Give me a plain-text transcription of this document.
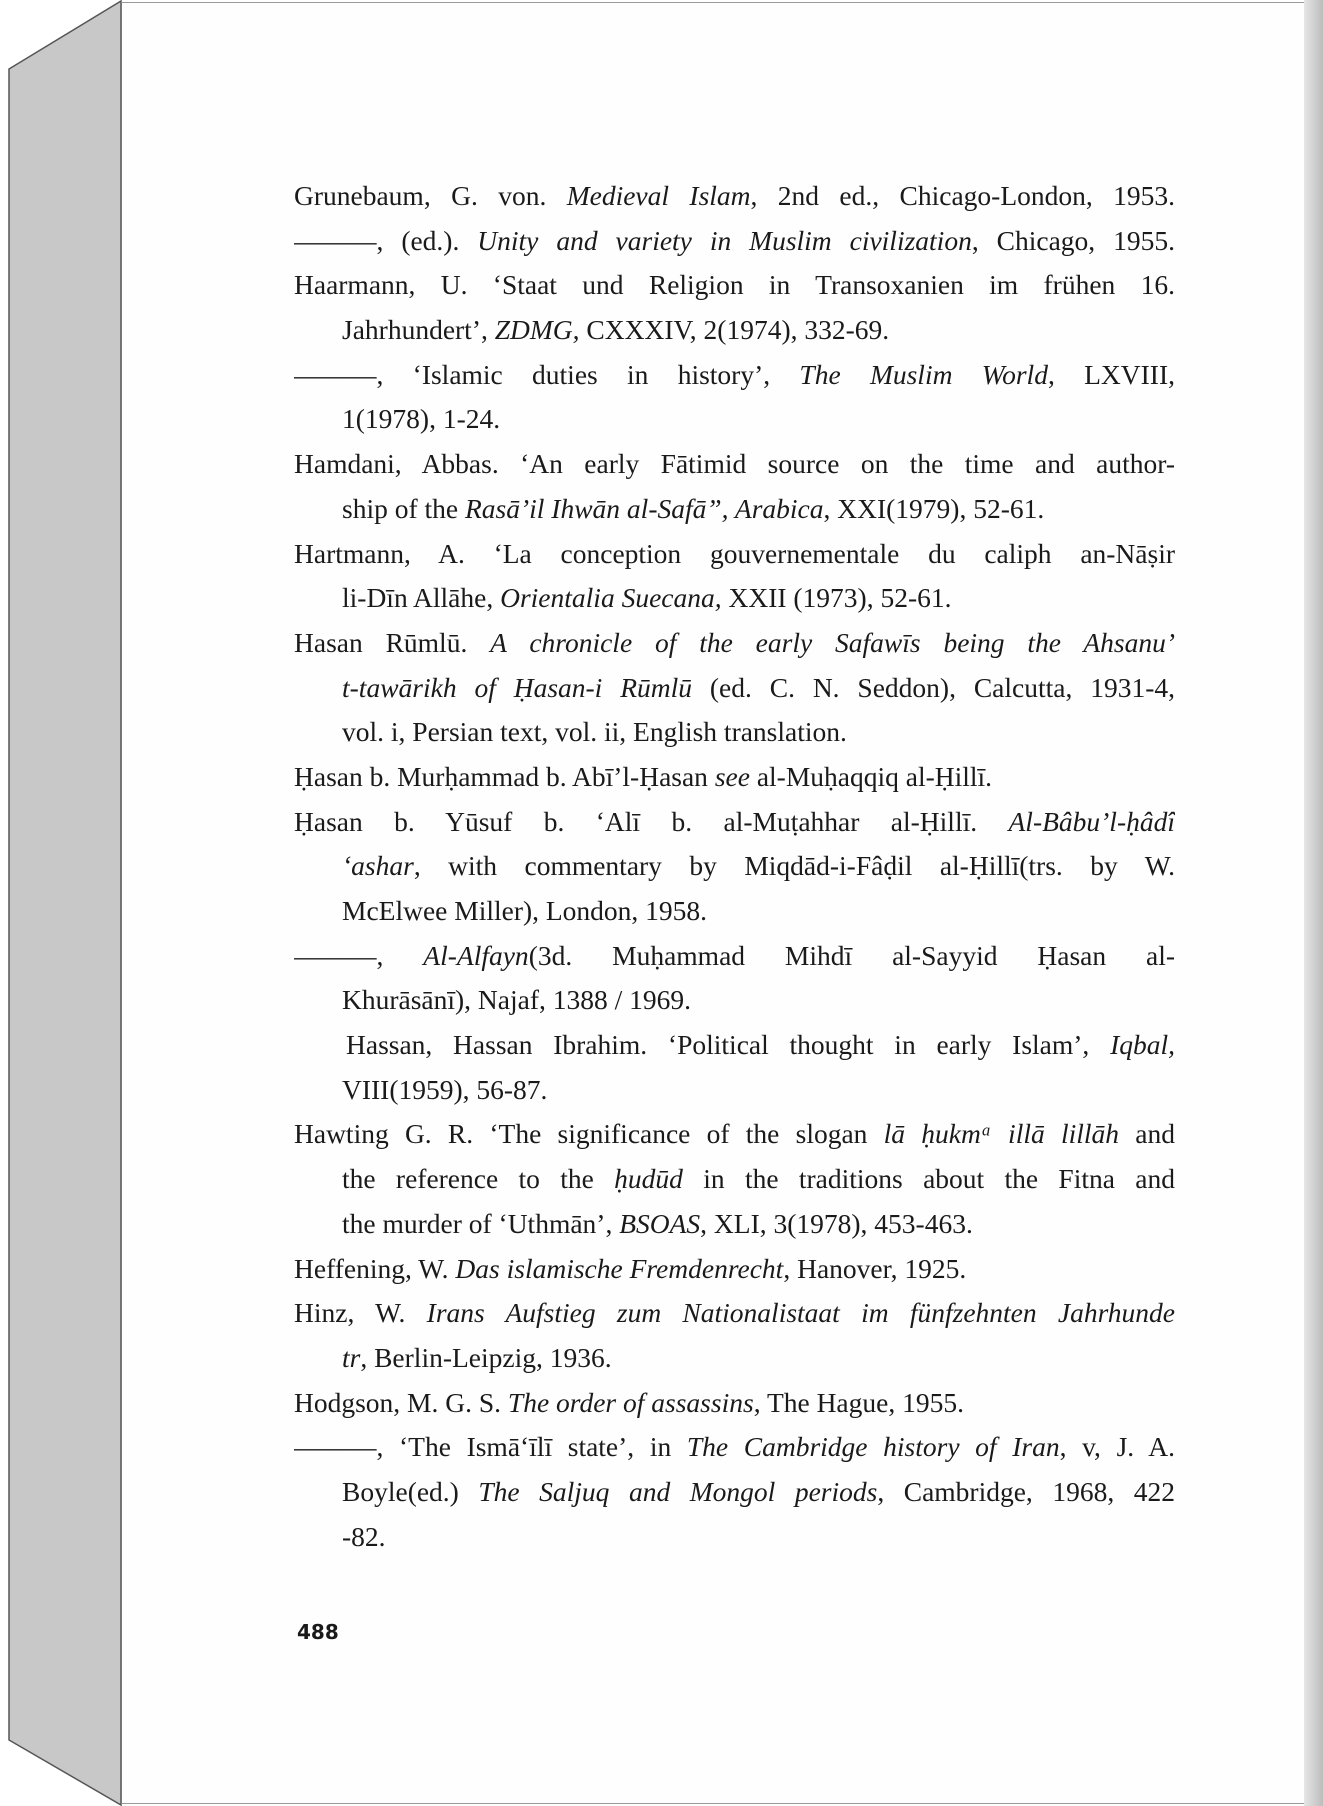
Grunebaum, G. von. Medieval Islam, 2nd ed., Chicago-London, 1953.
———, (ed.). Unity and variety in Muslim civilization, Chicago, 1955.
Haarmann, U. ‘Staat und Religion in Transoxanien im frühen 16.
Jahrhundert’, ZDMG, CXXXIV, 2(1974), 332-69.
———, ‘Islamic duties in history’, The Muslim World, LXVIII,
1(1978), 1-24.
Hamdani, Abbas. ‘An early Fātimid source on the time and author-
ship of the Rasā’il Ihwān al-Safā”, Arabica, XXI(1979), 52-61.
Hartmann, A. ‘La conception gouvernementale du caliph an-Nāṣir
li-Dīn Allāhe, Orientalia Suecana, XXII (1973), 52-61.
Hasan Rūmlū. A chronicle of the early Safawīs being the Ahsanu’
t-tawārikh of Ḥasan-i Rūmlū (ed. C. N. Seddon), Calcutta, 1931-4,
vol. i, Persian text, vol. ii, English translation.
Ḥasan b. Murḥammad b. Abī’l-Ḥasan see al-Muḥaqqiq al-Ḥillī.
Ḥasan b. Yūsuf b. ‘Alī b. al-Muṭahhar al-Ḥillī. Al-Bâbu’l-ḥâdî
‘ashar, with commentary by Miqdād-i-Fâḍil al-Ḥillī(trs. by W.
McElwee Miller), London, 1958.
———, Al-Alfayn(3d. Muḥammad Mihdī al-Sayyid Ḥasan al-
Khurāsānī), Najaf, 1388 / 1969.
Hassan, Hassan Ibrahim. ‘Political thought in early Islam’, Iqbal,
VIII(1959), 56-87.
Hawting G. R. ‘The significance of the slogan lā ḥukmᵃ illā lillāh and
the reference to the ḥudūd in the traditions about the Fitna and
the murder of ‘Uthmān’, BSOAS, XLI, 3(1978), 453-463.
Heffening, W. Das islamische Fremdenrecht, Hanover, 1925.
Hinz, W. Irans Aufstieg zum Nationalistaat im fünfzehnten Jahrhunde
tr, Berlin-Leipzig, 1936.
Hodgson, M. G. S. The order of assassins, The Hague, 1955.
———, ‘The Ismā‘īlī state’, in The Cambridge history of Iran, v, J. A.
Boyle(ed.) The Saljuq and Mongol periods, Cambridge, 1968, 422
-82.
488
